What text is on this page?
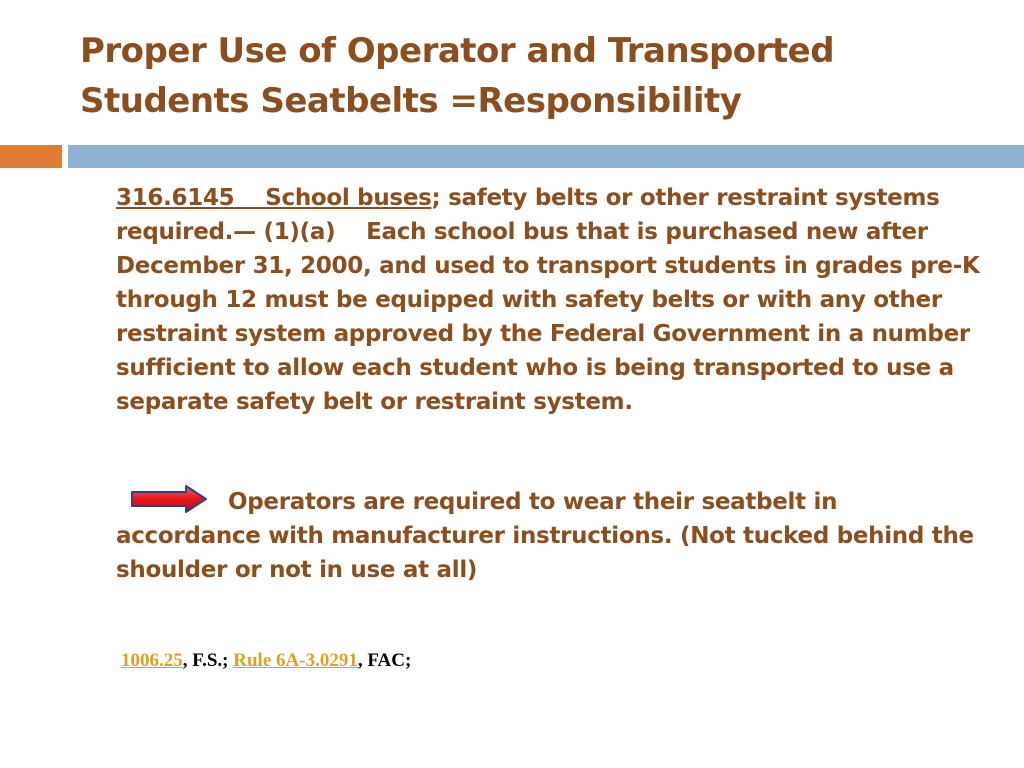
Proper Use of Operator and Transported
Students Seatbelts =Responsibility

316.6145 School buses; safety belts or other restraint systems required.— (1)(a)    Each school bus that is purchased new after December 31, 2000, and used to transport students in grades pre-K through 12 must be equipped with safety belts or with any other restraint system approved by the Federal Government in a number sufficient to allow each student who is being transported to use a separate safety belt or restraint system.

Operators are required to wear their seatbelt in accordance with manufacturer instructions. (Not tucked behind the shoulder or not in use at all)

1006.25, F.S.; Rule 6A-3.0291, FAC;
